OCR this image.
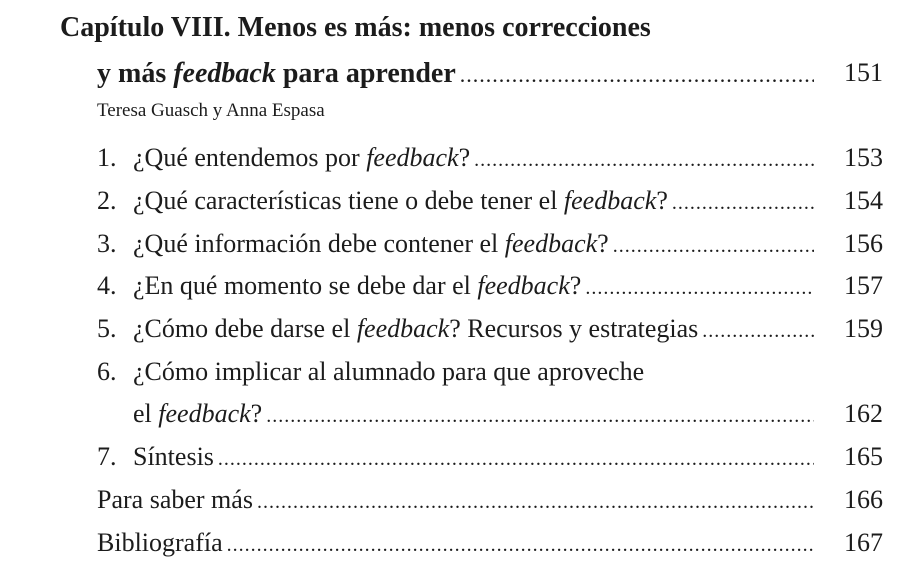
Capítulo VIII. Menos es más: menos correcciones
y más feedback para aprender .....	151
Teresa Guasch y Anna Espasa
1. ¿Qué entendemos por feedback? .....	153
2. ¿Qué características tiene o debe tener el feedback? .....	154
3. ¿Qué información debe contener el feedback? .....	156
4. ¿En qué momento se debe dar el feedback? .....	157
5. ¿Cómo debe darse el feedback? Recursos y estrategias .....	159
6. ¿Cómo implicar al alumnado para que aproveche
el feedback? .....	162
7. Síntesis .....	165
Para saber más .....	166
Bibliografía .....	167
